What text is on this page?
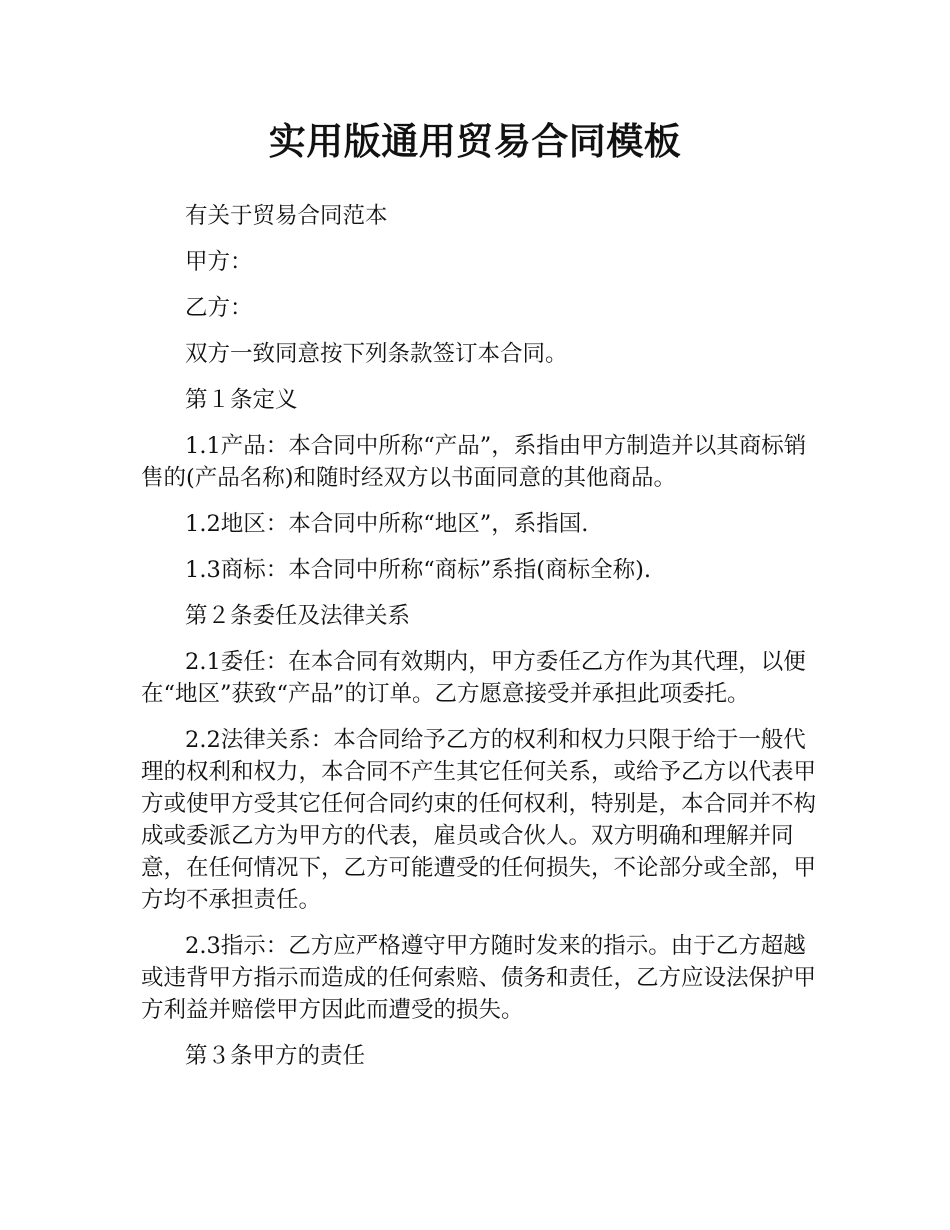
实用版通用贸易合同模板

有关于贸易合同范本

甲方：

乙方：

双方一致同意按下列条款签订本合同。

第１条定义

1.1产品：本合同中所称“产品”，系指由甲方制造并以其商标销售的(产品名称)和随时经双方以书面同意的其他商品。

1.2地区：本合同中所称“地区”，系指国.

1.3商标：本合同中所称“商标”系指(商标全称).

第２条委任及法律关系

2.1委任：在本合同有效期内，甲方委任乙方作为其代理，以便在“地区”获致“产品”的订单。乙方愿意接受并承担此项委托。

2.2法律关系：本合同给予乙方的权利和权力只限于给于一般代理的权利和权力，本合同不产生其它任何关系，或给予乙方以代表甲方或使甲方受其它任何合同约束的任何权利，特别是，本合同并不构成或委派乙方为甲方的代表，雇员或合伙人。双方明确和理解并同意，在任何情况下，乙方可能遭受的任何损失，不论部分或全部，甲方均不承担责任。

2.3指示：乙方应严格遵守甲方随时发来的指示。由于乙方超越或违背甲方指示而造成的任何索赔、债务和责任，乙方应设法保护甲方利益并赔偿甲方因此而遭受的损失。

第３条甲方的责任
